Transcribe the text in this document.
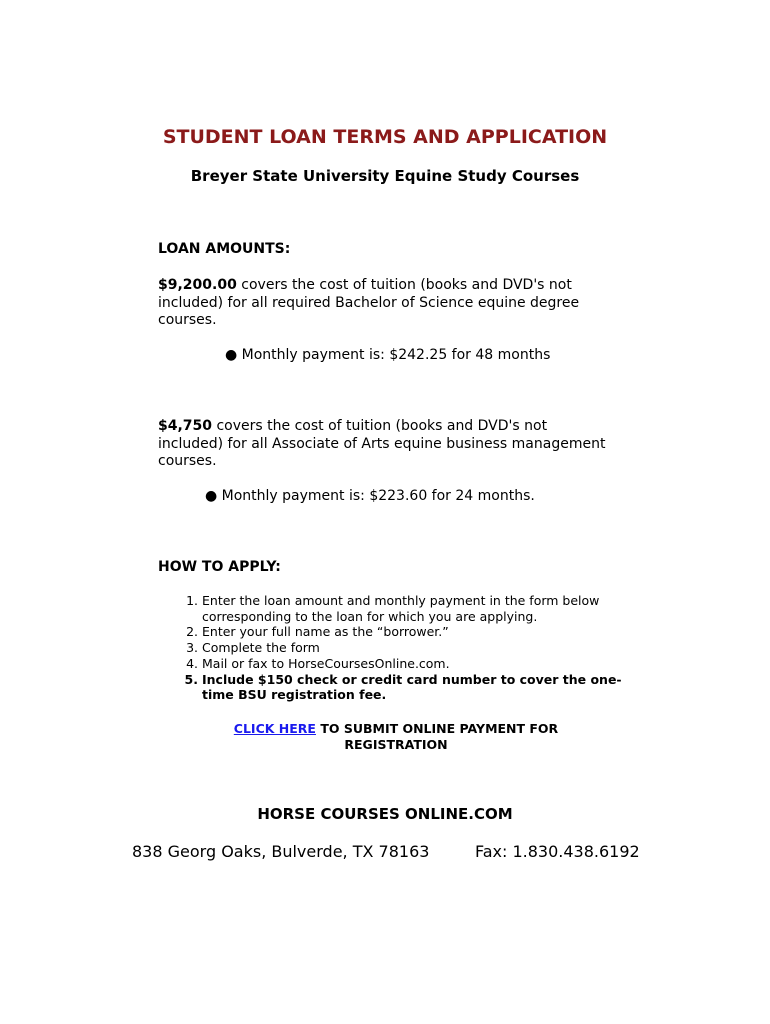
STUDENT LOAN TERMS AND APPLICATION
Breyer State University Equine Study Courses
LOAN AMOUNTS:
$9,200.00 covers the cost of tuition (books and DVD's not included) for all required Bachelor of Science equine degree courses.
● Monthly payment is: $242.25 for 48 months
$4,750 covers the cost of tuition (books and DVD's not included) for all Associate of Arts equine business management courses.
● Monthly payment is: $223.60 for 24 months.
HOW TO APPLY:
1. Enter the loan amount and monthly payment in the form below corresponding to the loan for which you are applying.
2. Enter your full name as the “borrower.”
3. Complete the form
4. Mail or fax to HorseCoursesOnline.com.
5. Include $150 check or credit card number to cover the one-time BSU registration fee.
CLICK HERE TO SUBMIT ONLINE PAYMENT FOR REGISTRATION
HORSE COURSES ONLINE.COM
838 Georg Oaks, Bulverde, TX 78163	Fax: 1.830.438.6192
